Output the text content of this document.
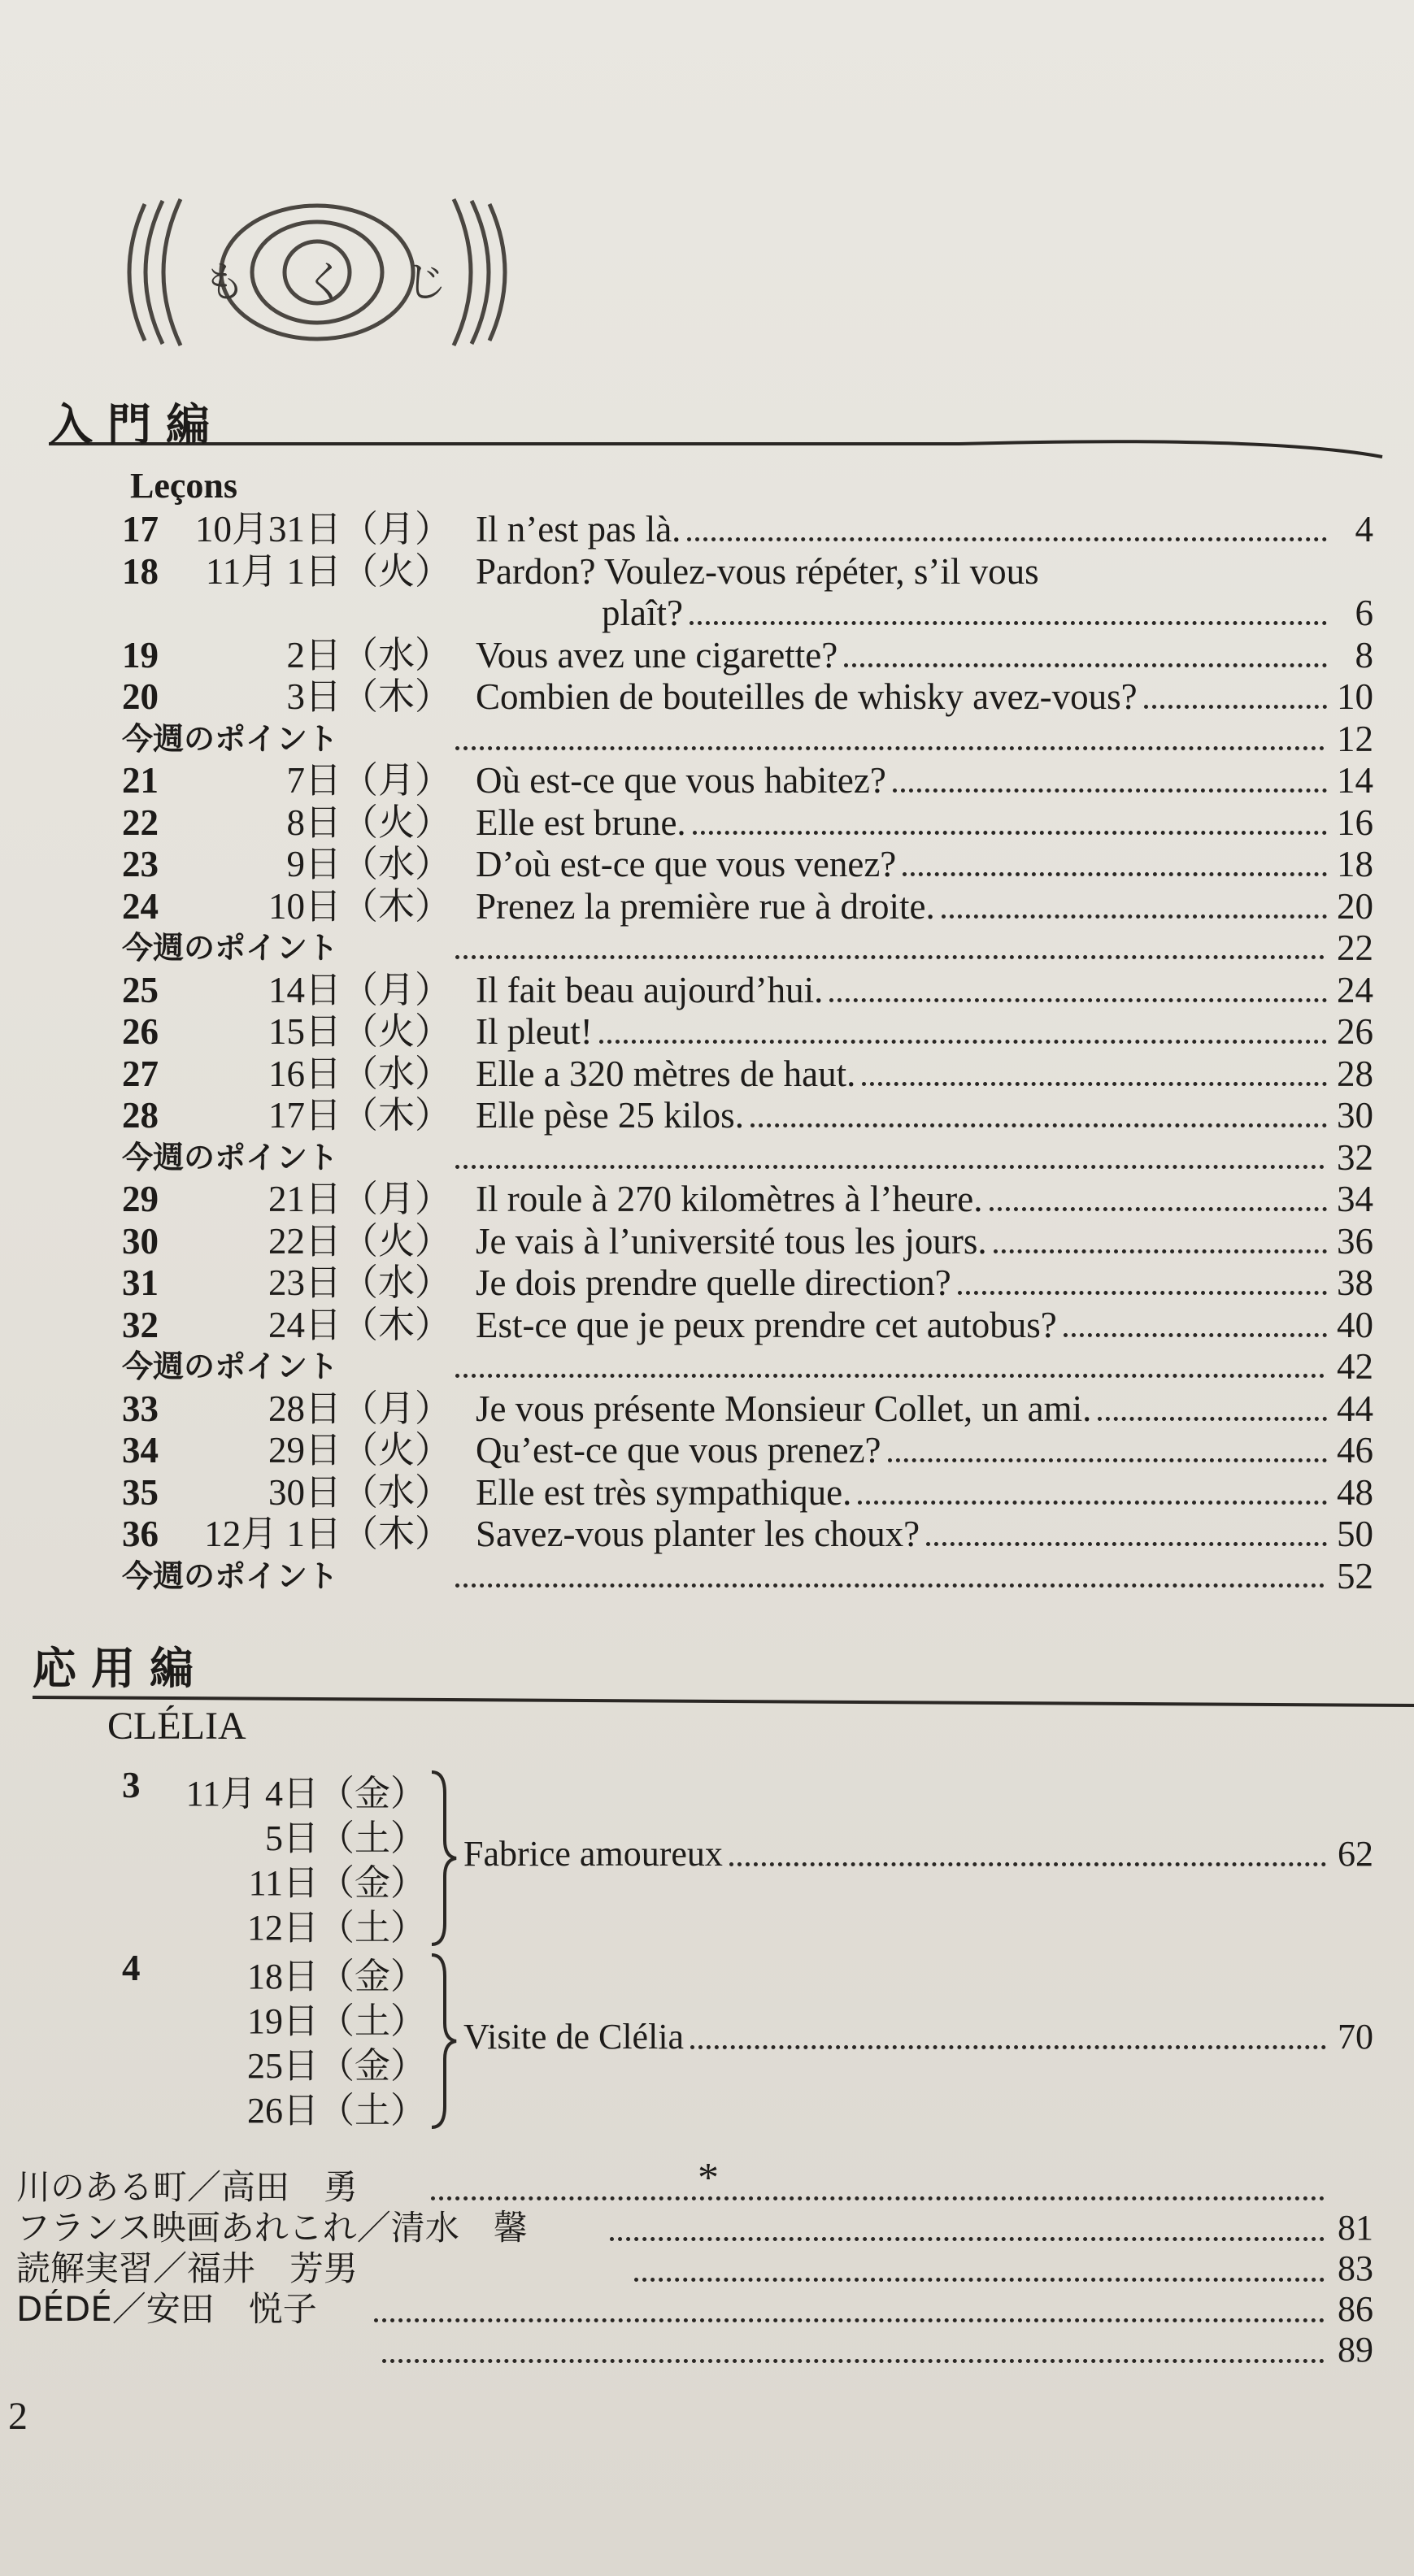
も く じ
入門編
Leçons
17 10月31日（月） Il n’est pas là.	4
18 11月 1日（火） Pardon? Voulez-vous répéter, s’il vous
plaît?	6
19	2日（水） Vous avez une cigarette?	8
20	3日（木） Combien de bouteilles de whisky avez-vous?	10
今週のポイント	12
21	7日（月） Où est-ce que vous habitez?	14
22	8日（火） Elle est brune.	16
23	9日（水） D’où est-ce que vous venez?	18
24	10日（木） Prenez la première rue à droite.	20
今週のポイント	22
25	14日（月） Il fait beau aujourd’hui.	24
26	15日（火） Il pleut!	26
27	16日（水） Elle a 320 mètres de haut.	28
28	17日（木） Elle pèse 25 kilos.	30
今週のポイント	32
29	21日（月） Il roule à 270 kilomètres à l’heure.	34
30	22日（火） Je vais à l’université tous les jours.	36
31	23日（水） Je dois prendre quelle direction?	38
32	24日（木） Est-ce que je peux prendre cet autobus?	40
今週のポイント	42
33	28日（月） Je vous présente Monsieur Collet, un ami.	44
34	29日（火） Qu’est-ce que vous prenez?	46
35	30日（水） Elle est très sympathique.	48
36 12月 1日（木） Savez-vous planter les choux?	50
今週のポイント	52
応用編
CLÉLIA
3 11月 4日（金）
5日（土）
11日（金）
12日（土）
Fabrice amoureux	62
4	18日（金）
19日（土）
25日（金）
26日（土）
Visite de Clélia	70
*
川のある町／高田　勇
フランス映画あれこれ／清水　馨	81
読解実習／福井　芳男	83
DÉDÉ／安田　悦子	86
89
2
